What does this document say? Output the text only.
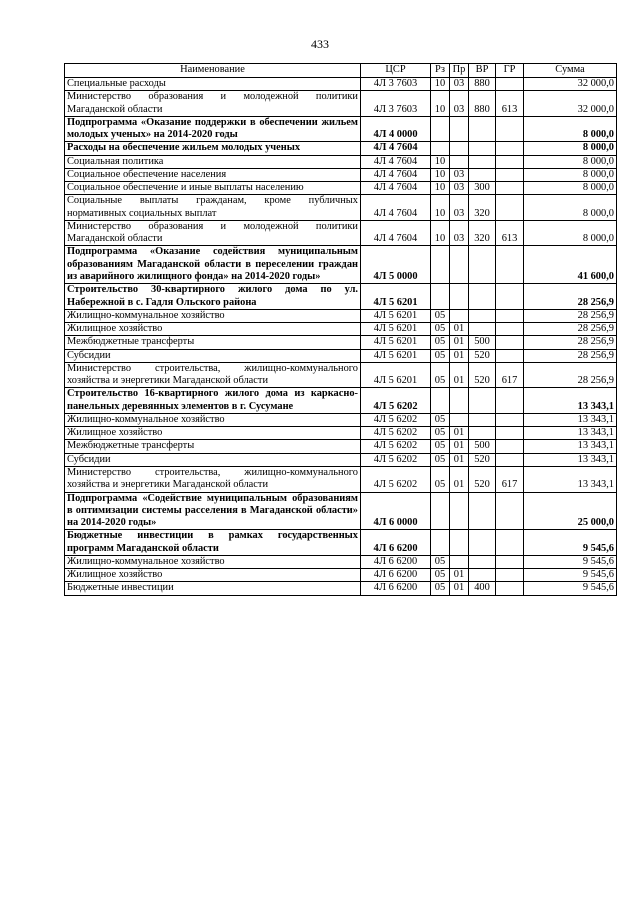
433
Наименование	ЦСР	Рз	Пр	ВР	ГР	Сумма
Специальные расходы	4Л 3 7603	10	03	880		32 000,0
Министерство образования и молодежной политики Магаданской области	4Л 3 7603	10	03	880	613	32 000,0
Подпрограмма «Оказание поддержки в обеспечении жильем молодых ученых» на 2014-2020 годы	4Л 4 0000					8 000,0
Расходы на обеспечение жильем молодых ученых	4Л 4 7604					8 000,0
Социальная политика	4Л 4 7604	10				8 000,0
Социальное обеспечение населения	4Л 4 7604	10	03			8 000,0
Социальное обеспечение и иные выплаты населению	4Л 4 7604	10	03	300		8 000,0
Социальные выплаты гражданам, кроме публичных нормативных социальных выплат	4Л 4 7604	10	03	320		8 000,0
Министерство образования и молодежной политики Магаданской области	4Л 4 7604	10	03	320	613	8 000,0
Подпрограмма «Оказание содействия муниципальным образованиям Магаданской области в переселении граждан из аварийного жилищного фонда» на 2014-2020 годы»	4Л 5 0000					41 600,0
Строительство 30-квартирного жилого дома по ул. Набережной в с. Гадля Ольского района	4Л 5 6201					28 256,9
Жилищно-коммунальное хозяйство	4Л 5 6201	05				28 256,9
Жилищное хозяйство	4Л 5 6201	05	01			28 256,9
Межбюджетные трансферты	4Л 5 6201	05	01	500		28 256,9
Субсидии	4Л 5 6201	05	01	520		28 256,9
Министерство строительства, жилищно-коммунального хозяйства и энергетики Магаданской области	4Л 5 6201	05	01	520	617	28 256,9
Строительство 16-квартирного жилого дома из каркасно-панельных деревянных элементов в г. Сусумане	4Л 5 6202					13 343,1
Жилищно-коммунальное хозяйство	4Л 5 6202	05				13 343,1
Жилищное хозяйство	4Л 5 6202	05	01			13 343,1
Межбюджетные трансферты	4Л 5 6202	05	01	500		13 343,1
Субсидии	4Л 5 6202	05	01	520		13 343,1
Министерство строительства, жилищно-коммунального хозяйства и энергетики Магаданской области	4Л 5 6202	05	01	520	617	13 343,1
Подпрограмма «Содействие муниципальным образованиям в оптимизации системы расселения в Магаданской области» на 2014-2020 годы»	4Л 6 0000					25 000,0
Бюджетные инвестиции в рамках государственных программ Магаданской области	4Л 6 6200					9 545,6
Жилищно-коммунальное хозяйство	4Л 6 6200	05				9 545,6
Жилищное хозяйство	4Л 6 6200	05	01			9 545,6
Бюджетные инвестиции	4Л 6 6200	05	01	400		9 545,6
